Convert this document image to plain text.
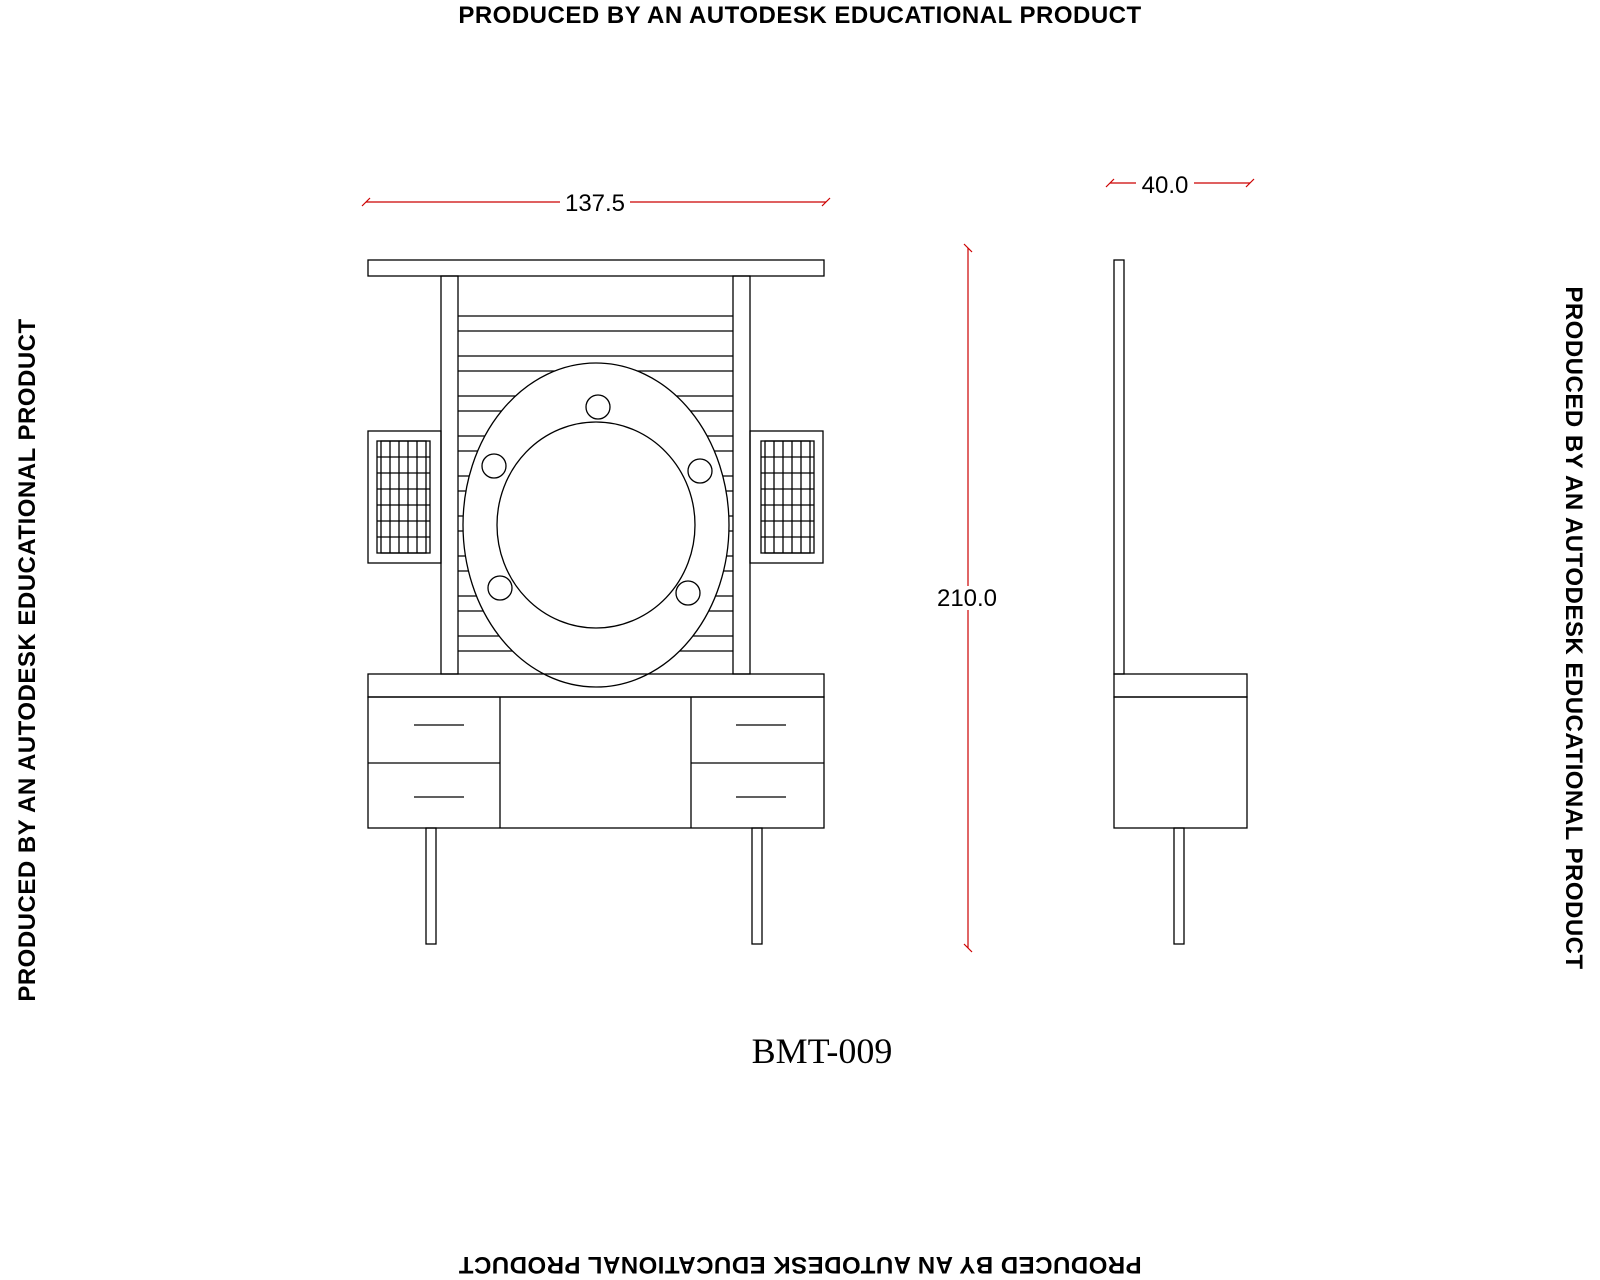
PRODUCED BY AN AUTODESK EDUCATIONAL PRODUCT
PRODUCED BY AN AUTODESK EDUCATIONAL PRODUCT
PRODUCED BY AN AUTODESK EDUCATIONAL PRODUCT	PRODUCED BY AN AUTODESK EDUCATIONAL PRODUCT
137.5
210.0
40.0
BMT-009
